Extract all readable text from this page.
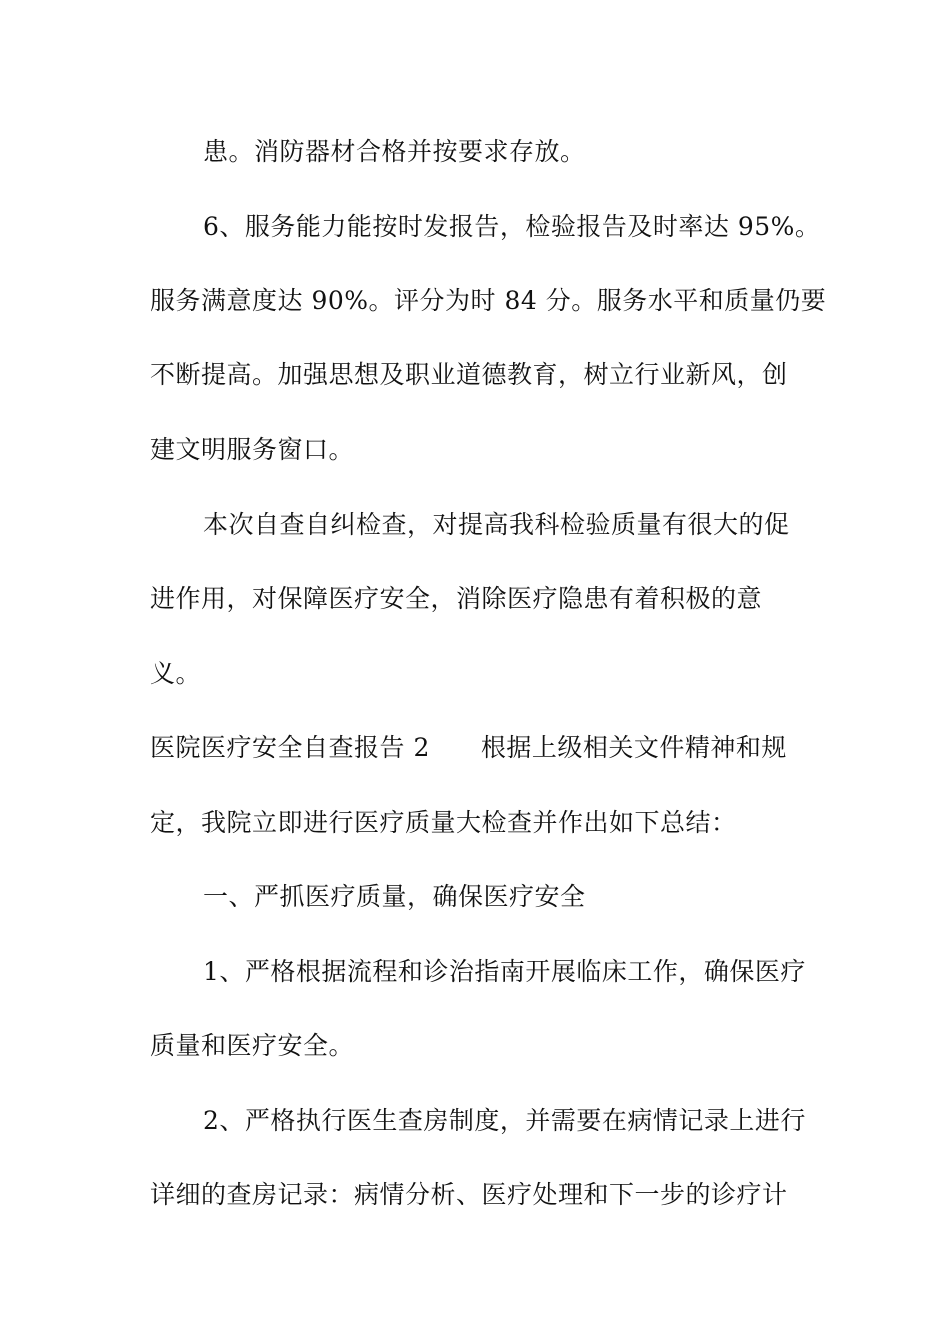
患。消防器材合格并按要求存放。
6、服务能力能按时发报告，检验报告及时率达 95%。
服务满意度达 90%。评分为时 84 分。服务水平和质量仍要
不断提高。加强思想及职业道德教育，树立行业新风，创
建文明服务窗口。
本次自查自纠检查，对提高我科检验质量有很大的促
进作用，对保障医疗安全，消除医疗隐患有着积极的意
义。
医院医疗安全自查报告 2　　根据上级相关文件精神和规
定，我院立即进行医疗质量大检查并作出如下总结：
一、严抓医疗质量，确保医疗安全
1、严格根据流程和诊治指南开展临床工作，确保医疗
质量和医疗安全。
2、严格执行医生查房制度，并需要在病情记录上进行
详细的查房记录：病情分析、医疗处理和下一步的诊疗计
